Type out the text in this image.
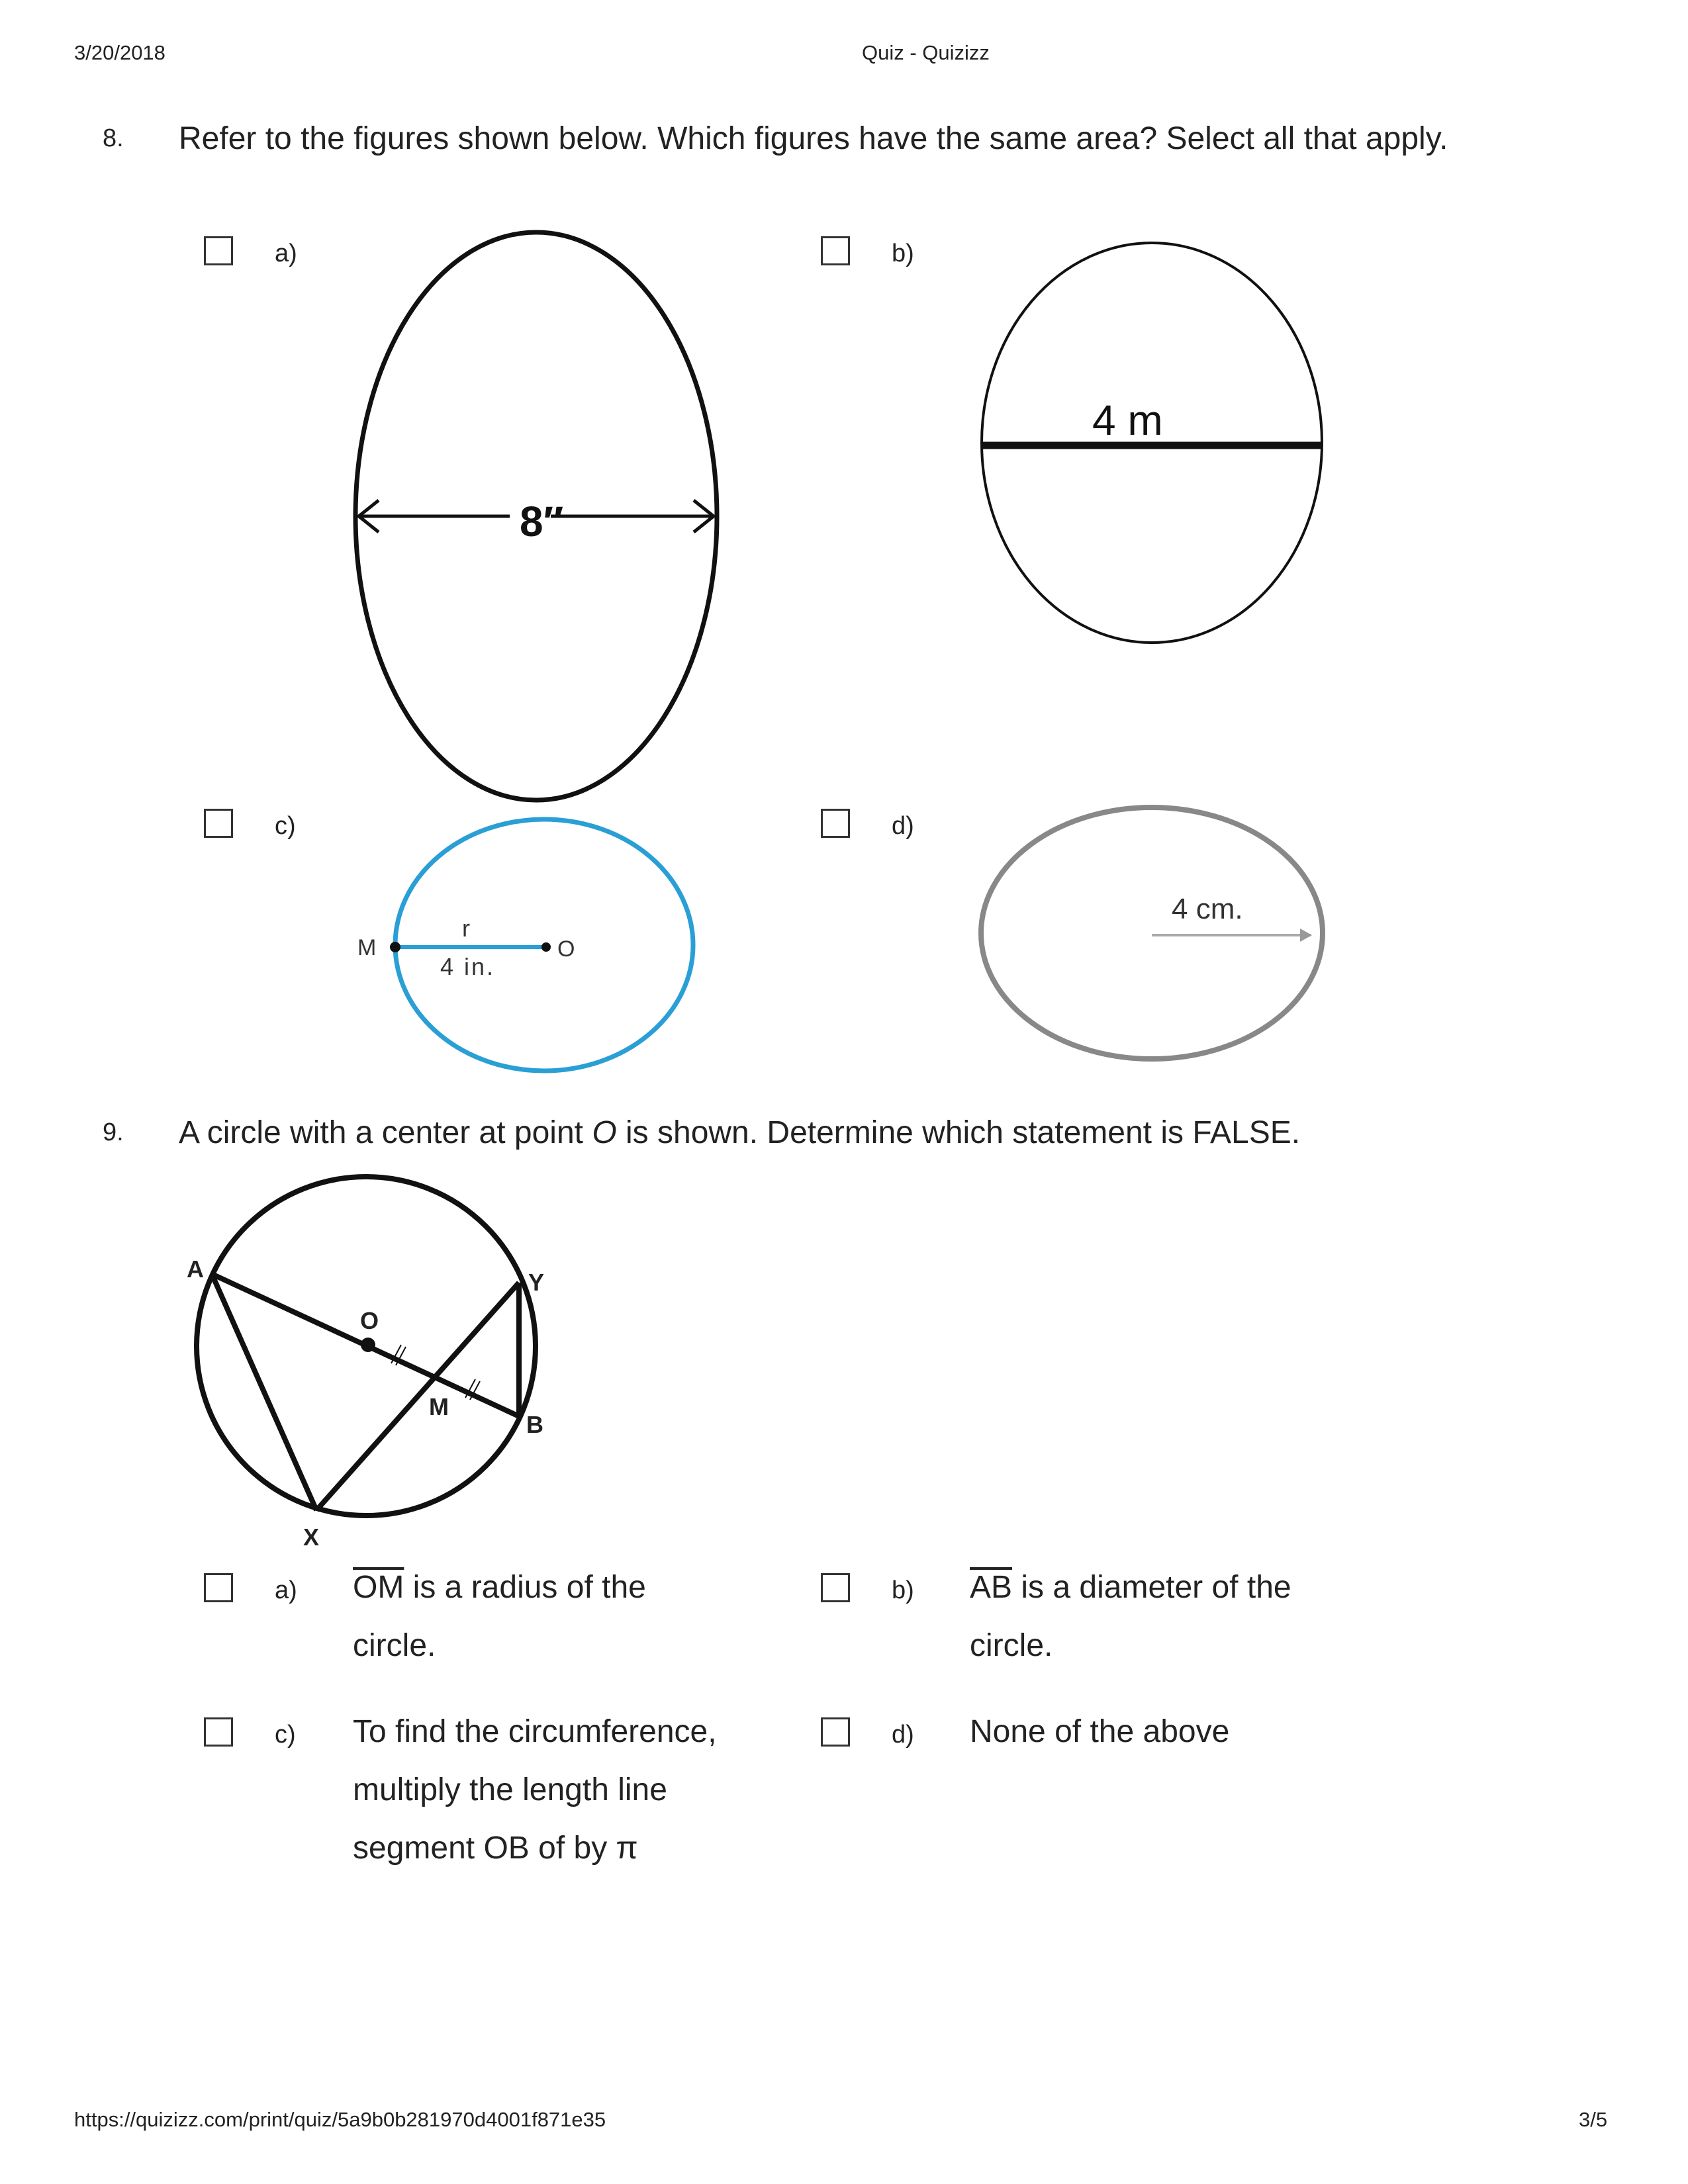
3/20/2018	Quiz - Quizizz
8. Refer to the figures shown below. Which figures have the same area? Select all that apply.
a)
8″
b)
4 m
c)
r
4 in.
M	O
d)
4 cm.
9. A circle with a center at point O is shown. Determine which statement is FALSE.
A	Y
O
M
B
X
a) $\overline{OM}$ is a radius of the circle.
b) $\overline{AB}$ is a diameter of the circle.
c) To find the circumference, multiply the length line segment OB of by π
d) None of the above
https://quizizz.com/print/quiz/5a9b0b281970d4001f871e35	3/5
